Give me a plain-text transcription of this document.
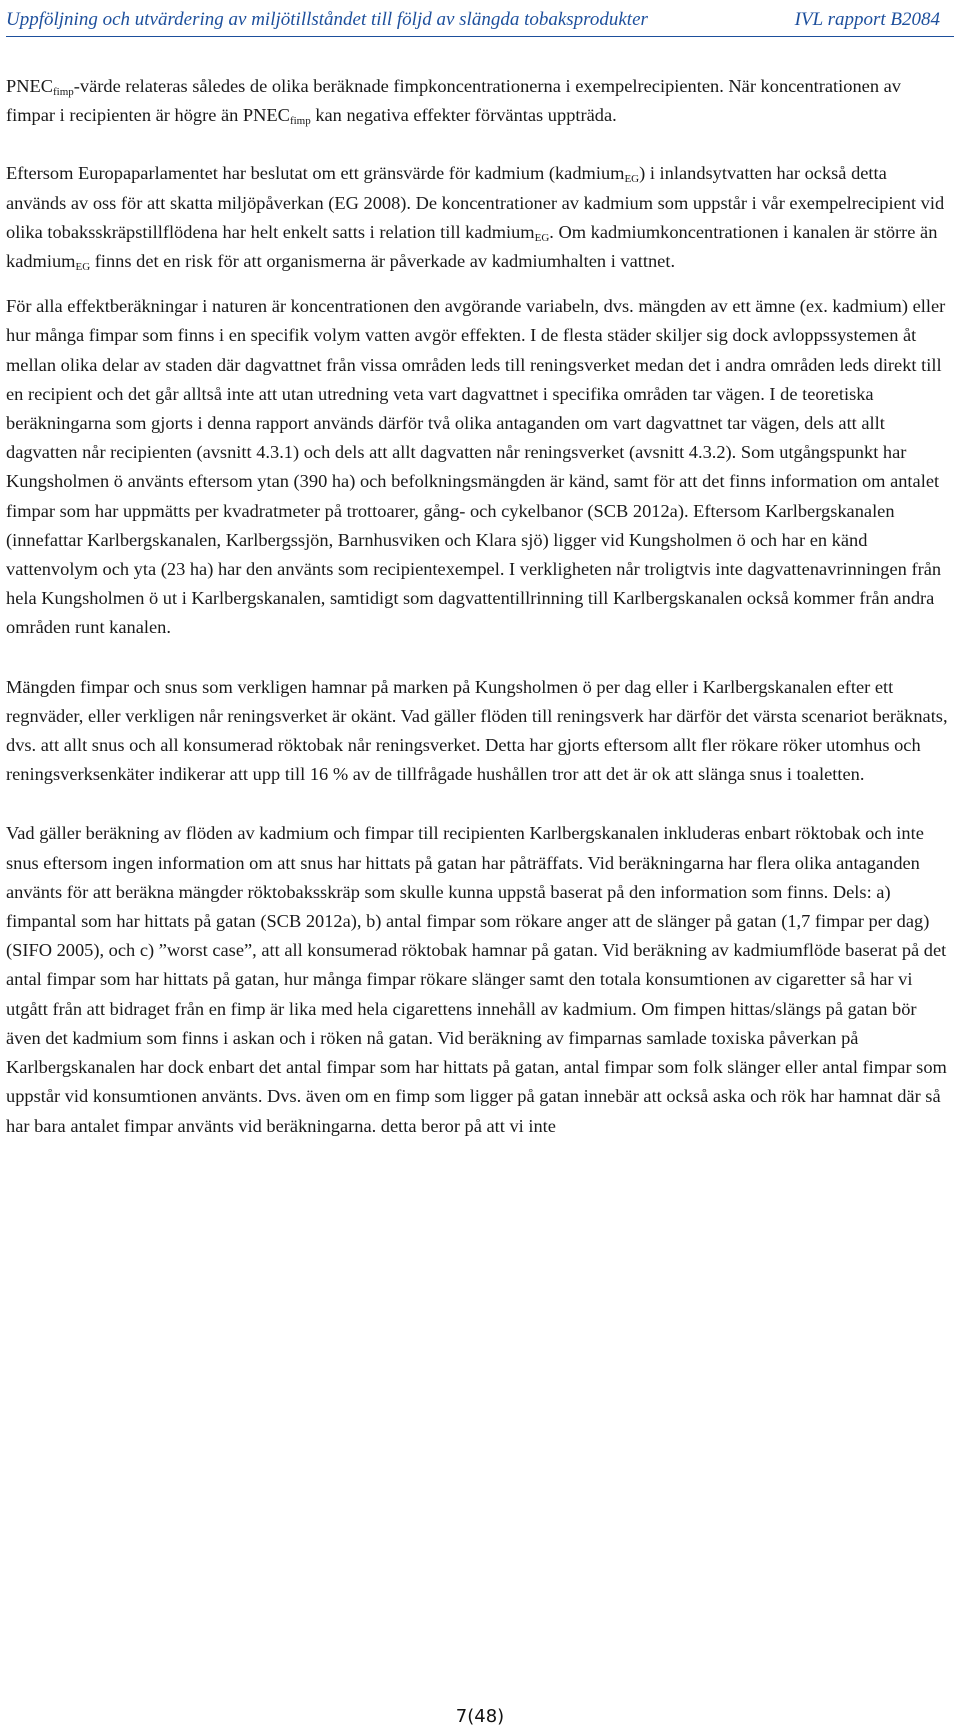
Uppföljning och utvärdering av miljötillståndet till följd av slängda tobaksprodukter	IVL rapport B2084

$PNEC_{fimp}$-värde relateras således de olika beräknade fimpkoncentrationerna i exempelrecipienten. När koncentrationen av fimpar i recipienten är högre än $PNEC_{fimp}$ kan negativa effekter förväntas uppträda.

Eftersom Europaparlamentet har beslutat om ett gränsvärde för kadmium (kadmium$_{EG}$) i inlandsytvatten har också detta används av oss för att skatta miljöpåverkan (EG 2008). De koncentrationer av kadmium som uppstår i vår exempelrecipient vid olika tobaksskräpstillflödena har helt enkelt satts i relation till kadmium$_{EG}$. Om kadmiumkoncentrationen i kanalen är större än kadmium$_{EG}$ finns det en risk för att organismerna är påverkade av kadmiumhalten i vattnet.

För alla effektberäkningar i naturen är koncentrationen den avgörande variabeln, dvs. mängden av ett ämne (ex. kadmium) eller hur många fimpar som finns i en specifik volym vatten avgör effekten. I de flesta städer skiljer sig dock avloppssystemen åt mellan olika delar av staden där dagvattnet från vissa områden leds till reningsverket medan det i andra områden leds direkt till en recipient och det går alltså inte att utan utredning veta vart dagvattnet i specifika områden tar vägen. I de teoretiska beräkningarna som gjorts i denna rapport används därför två olika antaganden om vart dagvattnet tar vägen, dels att allt dagvatten når recipienten (avsnitt 4.3.1) och dels att allt dagvatten når reningsverket (avsnitt 4.3.2). Som utgångspunkt har Kungsholmen ö använts eftersom ytan (390 ha) och befolkningsmängden är känd, samt för att det finns information om antalet fimpar som har uppmätts per kvadratmeter på trottoarer, gång- och cykelbanor (SCB 2012a). Eftersom Karlbergskanalen (innefattar Karlbergskanalen, Karlbergssjön, Barnhusviken och Klara sjö) ligger vid Kungsholmen ö och har en känd vattenvolym och yta (23 ha) har den använts som recipientexempel. I verkligheten når troligtvis inte dagvattenavrinningen från hela Kungsholmen ö ut i Karlbergskanalen, samtidigt som dagvattentillrinning till Karlbergskanalen också kommer från andra områden runt kanalen.

Mängden fimpar och snus som verkligen hamnar på marken på Kungsholmen ö per dag eller i Karlbergskanalen efter ett regnväder, eller verkligen når reningsverket är okänt. Vad gäller flöden till reningsverk har därför det värsta scenariot beräknats, dvs. att allt snus och all konsumerad röktobak når reningsverket. Detta har gjorts eftersom allt fler rökare röker utomhus och reningsverksenkäter indikerar att upp till 16 % av de tillfrågade hushållen tror att det är ok att slänga snus i toaletten.

Vad gäller beräkning av flöden av kadmium och fimpar till recipienten Karlbergskanalen inkluderas enbart röktobak och inte snus eftersom ingen information om att snus har hittats på gatan har påträffats. Vid beräkningarna har flera olika antaganden använts för att beräkna mängder röktobaksskräp som skulle kunna uppstå baserat på den information som finns. Dels: a) fimpantal som har hittats på gatan (SCB 2012a), b) antal fimpar som rökare anger att de slänger på gatan (1,7 fimpar per dag) (SIFO 2005), och c) ”worst case”, att all konsumerad röktobak hamnar på gatan. Vid beräkning av kadmiumflöde baserat på det antal fimpar som har hittats på gatan, hur många fimpar rökare slänger samt den totala konsumtionen av cigaretter så har vi utgått från att bidraget från en fimp är lika med hela cigarettens innehåll av kadmium. Om fimpen hittas/slängs på gatan bör även det kadmium som finns i askan och i röken nå gatan. Vid beräkning av fimparnas samlade toxiska påverkan på Karlbergskanalen har dock enbart det antal fimpar som har hittats på gatan, antal fimpar som folk slänger eller antal fimpar som uppstår vid konsumtionen använts. Dvs. även om en fimp som ligger på gatan innebär att också aska och rök har hamnat där så har bara antalet fimpar använts vid beräkningarna. detta beror på att vi inte

7(48)
